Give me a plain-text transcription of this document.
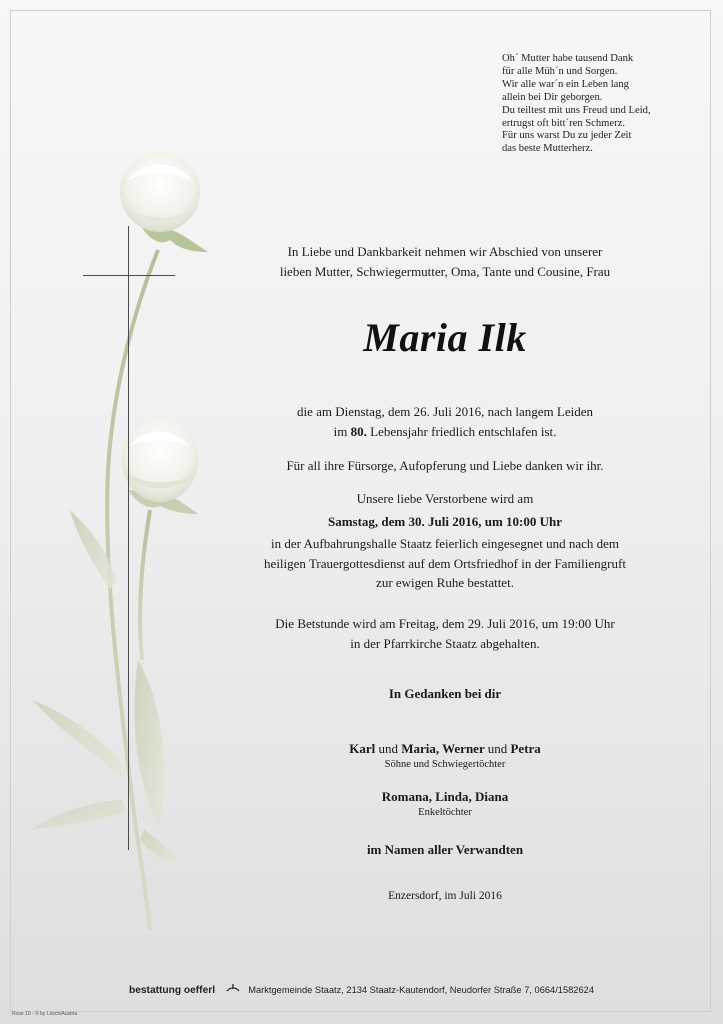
Oh´ Mutter habe tausend Dank
für alle Müh´n und Sorgen.
Wir alle war´n ein Leben lang
allein bei Dir geborgen.
Du teiltest mit uns Freud und Leid,
ertrugst oft bitt´ren Schmerz.
Für uns warst Du zu jeder Zeit
das beste Mutterherz.
In Liebe und Dankbarkeit nehmen wir Abschied von unserer
lieben Mutter, Schwiegermutter, Oma, Tante und Cousine, Frau
Maria Ilk
die am Dienstag, dem 26. Juli 2016, nach langem Leiden
im 80. Lebensjahr friedlich entschlafen ist.
Für all ihre Fürsorge, Aufopferung und Liebe danken wir ihr.
Unsere liebe Verstorbene wird am
Samstag, dem 30. Juli 2016, um 10:00 Uhr
in der Aufbahrungshalle Staatz feierlich eingesegnet und nach dem
heiligen Trauergottesdienst auf dem Ortsfriedhof in der Familiengruft
zur ewigen Ruhe bestattet.
Die Betstunde wird am Freitag, dem 29. Juli 2016, um 19:00 Uhr
in der Pfarrkirche Staatz abgehalten.
In Gedanken bei dir
Karl und Maria, Werner und Petra
Söhne und Schwiegertöchter
Romana, Linda, Diana
Enkeltöchter
im Namen aller Verwandten
Enzersdorf, im Juli 2016
bestattung oefferl	Marktgemeinde Staatz, 2134 Staatz-Kautendorf, Neudorfer Straße 7, 0664/1582624
Rose 10 - © by Lösch/Austria
